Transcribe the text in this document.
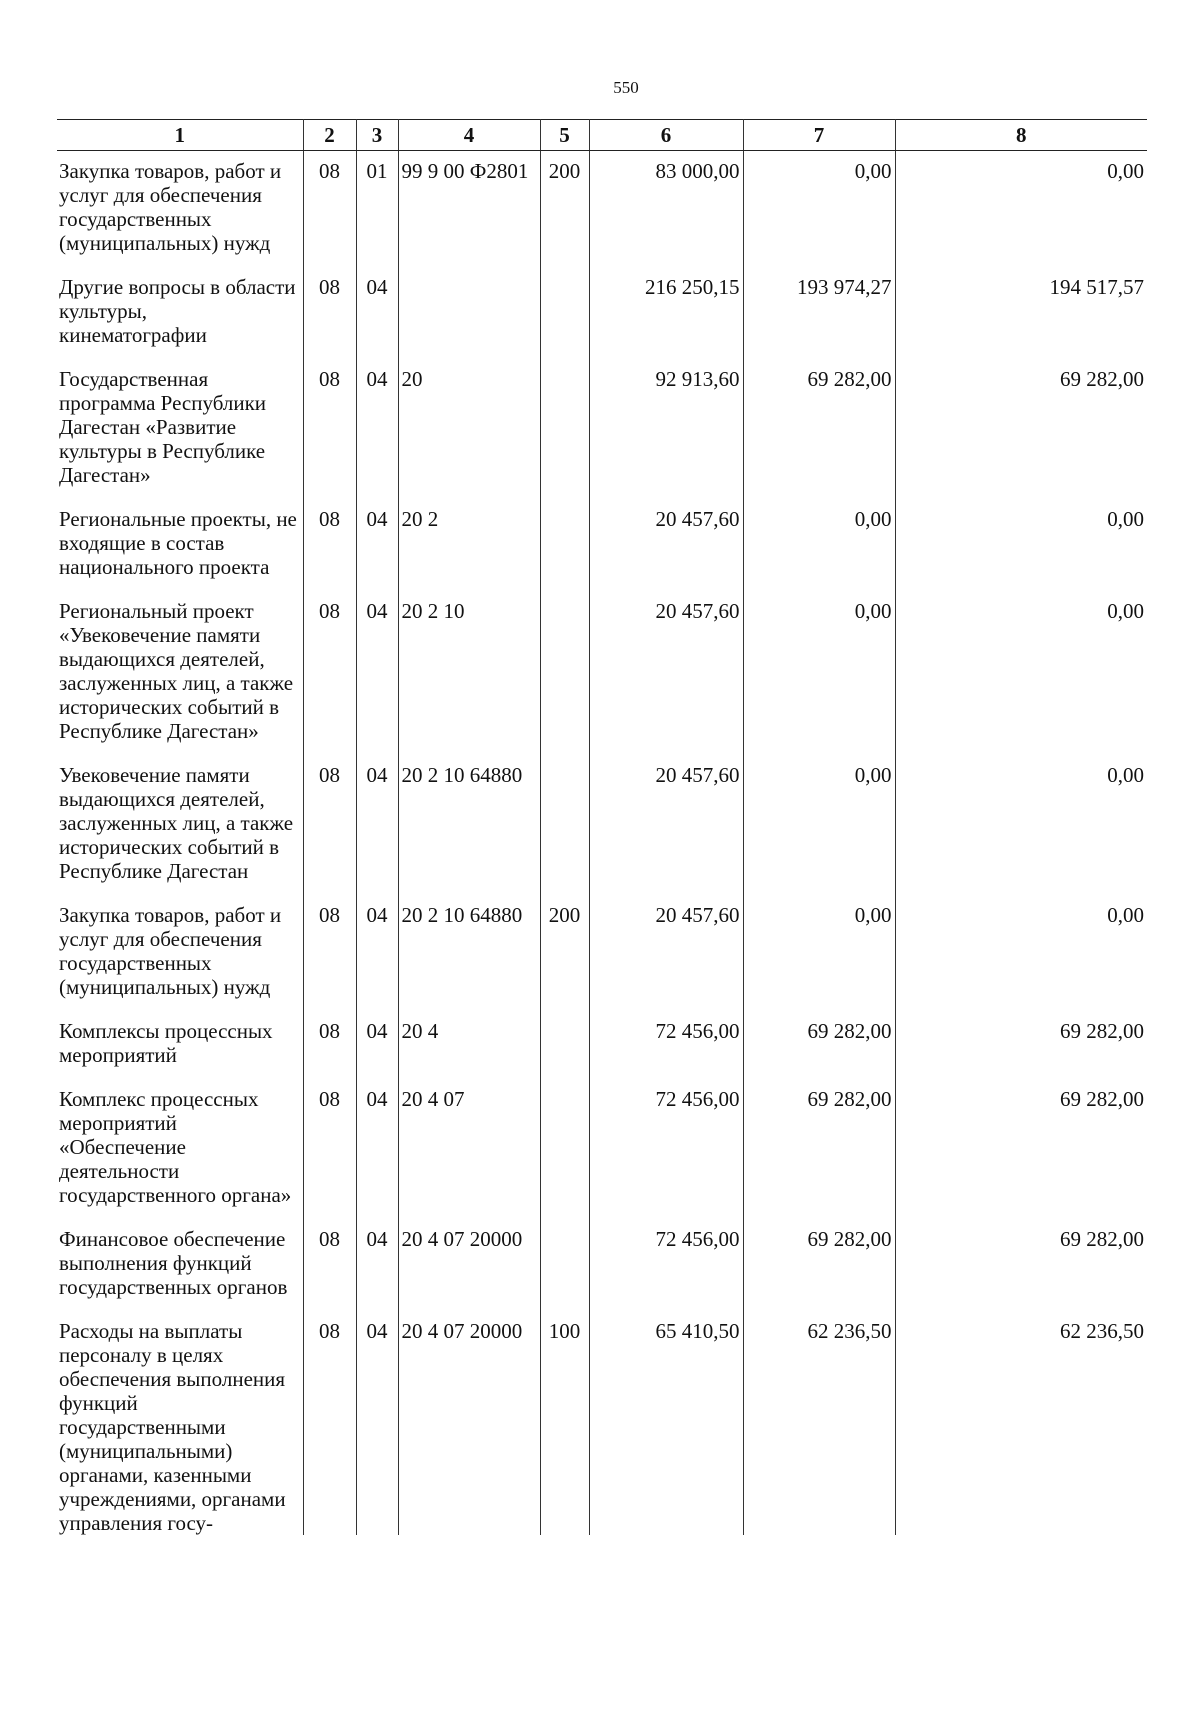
550
1	2	3	4	5	6	7	8
Закупка товаров, работ и услуг для обеспечения государственных (муниципальных) нужд	08	01	99 9 00 Ф2801	200	83 000,00	0,00	0,00
Другие вопросы в области культуры, кинематографии	08	04			216 250,15	193 974,27	194 517,57
Государственная программа Республики Дагестан «Развитие культуры в Республике Дагестан»	08	04	20		92 913,60	69 282,00	69 282,00
Региональные проекты, не входящие в состав национального проекта	08	04	20 2		20 457,60	0,00	0,00
Региональный проект «Увековечение памяти выдающихся деятелей, заслуженных лиц, а также исторических событий в Республике Дагестан»	08	04	20 2 10		20 457,60	0,00	0,00
Увековечение памяти выдающихся деятелей, заслуженных лиц, а также исторических событий в Республике Дагестан	08	04	20 2 10 64880		20 457,60	0,00	0,00
Закупка товаров, работ и услуг для обеспечения государственных (муниципальных) нужд	08	04	20 2 10 64880	200	20 457,60	0,00	0,00
Комплексы процессных мероприятий	08	04	20 4		72 456,00	69 282,00	69 282,00
Комплекс процессных мероприятий «Обеспечение деятельности государственного органа»	08	04	20 4 07		72 456,00	69 282,00	69 282,00
Финансовое обеспечение выполнения функций государственных органов	08	04	20 4 07 20000		72 456,00	69 282,00	69 282,00
Расходы на выплаты персоналу в целях обеспечения выполнения функций государственными (муниципальными) органами, казенными учреждениями, органами управления госу-	08	04	20 4 07 20000	100	65 410,50	62 236,50	62 236,50
